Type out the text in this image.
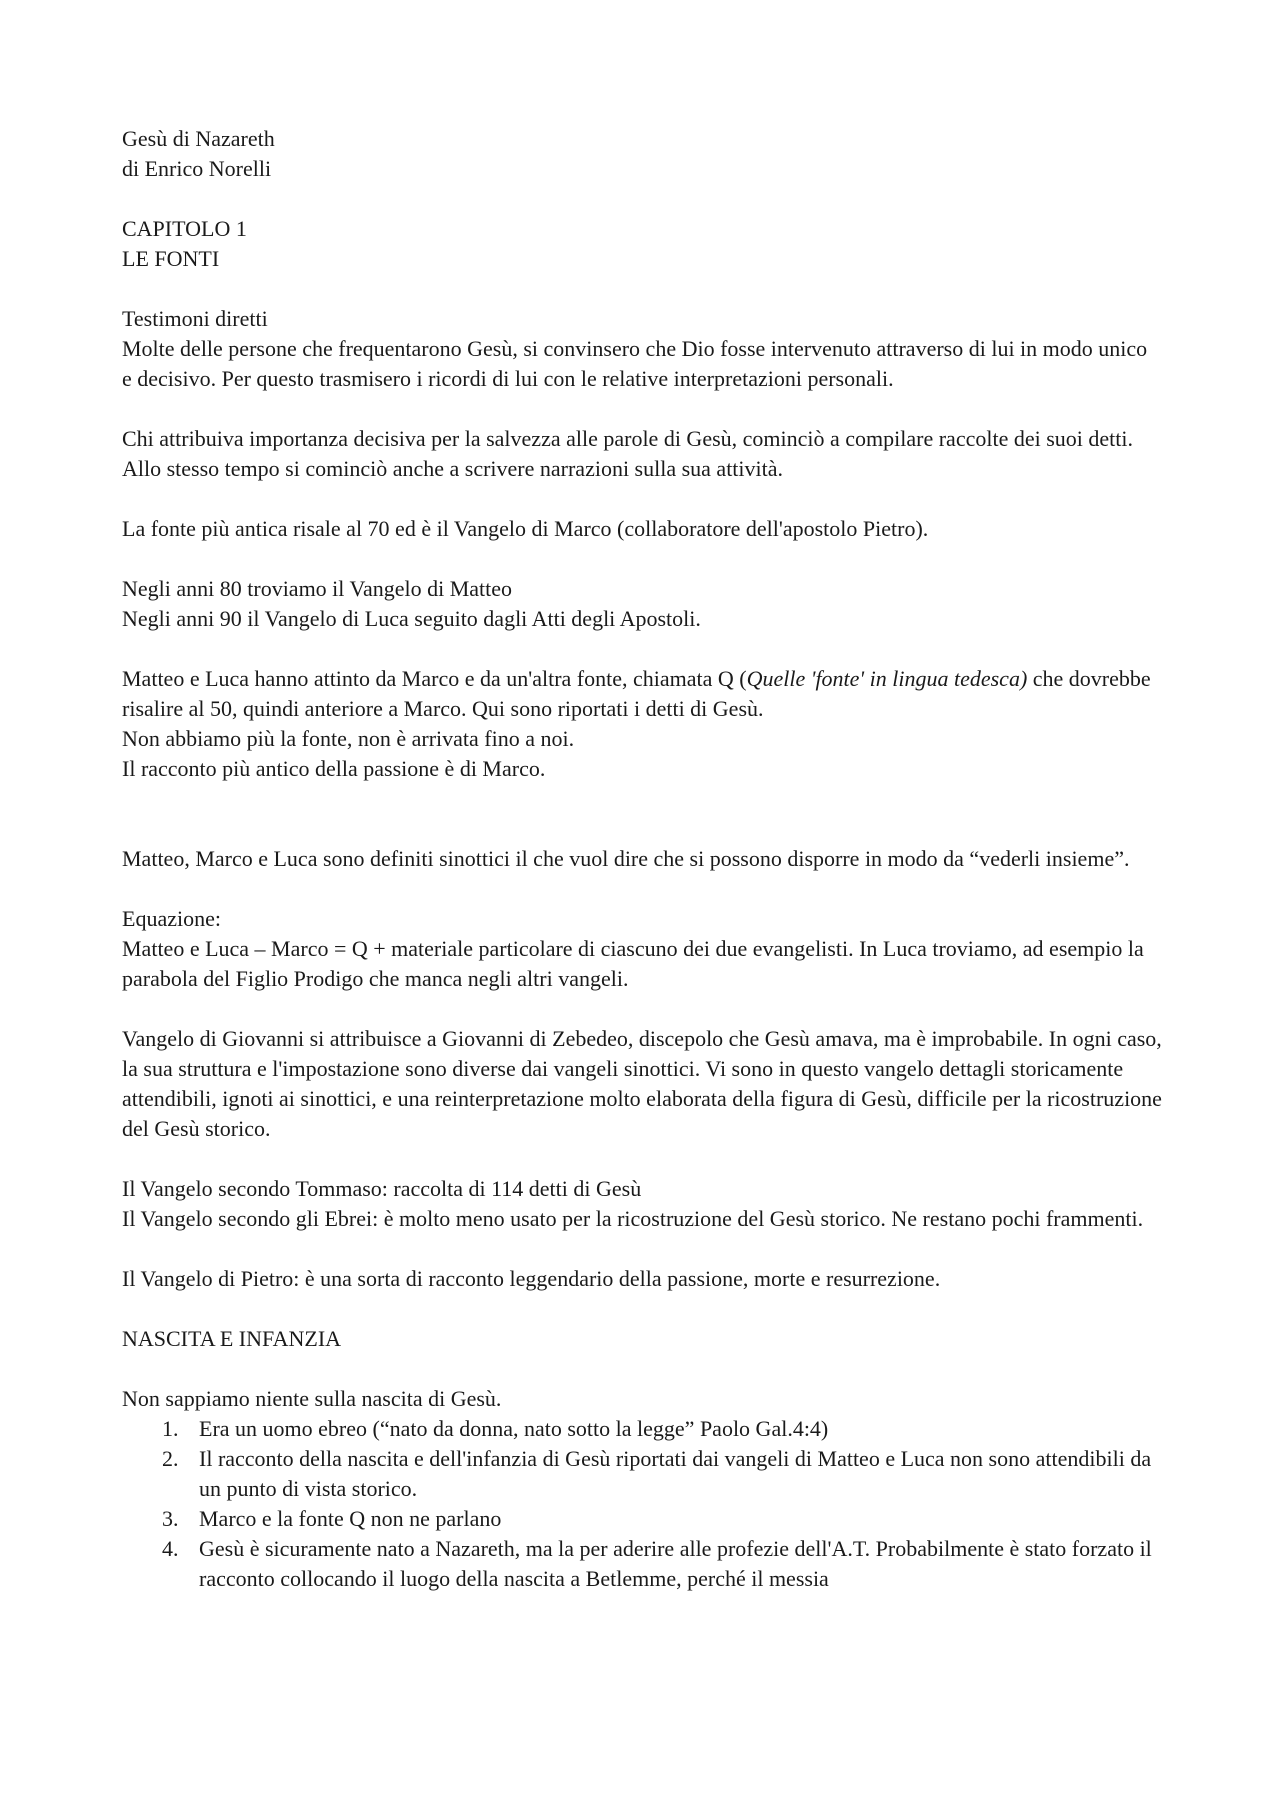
Gesù di Nazareth

di Enrico Norelli

CAPITOLO 1

LE FONTI

Testimoni diretti

Molte delle persone che frequentarono Gesù, si convinsero che Dio fosse intervenuto attraverso di lui in modo unico e decisivo. Per questo trasmisero i ricordi di lui con le relative interpretazioni personali.

Chi attribuiva importanza decisiva per la salvezza alle parole di Gesù, cominciò a compilare raccolte dei suoi detti. Allo stesso tempo si cominciò anche a scrivere narrazioni sulla sua attività.

La fonte più antica risale al 70 ed è il Vangelo di Marco (collaboratore dell'apostolo Pietro).

Negli anni 80 troviamo il Vangelo di Matteo

Negli anni 90 il Vangelo di Luca seguito dagli Atti degli Apostoli.

Matteo e Luca hanno attinto da Marco e da un'altra fonte, chiamata Q (Quelle 'fonte' in lingua tedesca) che dovrebbe risalire al 50, quindi anteriore a Marco. Qui sono riportati i detti di Gesù.

Non abbiamo più la fonte, non è arrivata fino a noi.

Il racconto più antico della passione è di Marco.

Matteo, Marco e Luca sono definiti sinottici il che vuol dire che si possono disporre in modo da “vederli insieme”.

Equazione:

Matteo e Luca – Marco = Q + materiale particolare di ciascuno dei due evangelisti. In Luca troviamo, ad esempio la parabola del Figlio Prodigo che manca negli altri vangeli.

Vangelo di Giovanni si attribuisce a Giovanni di Zebedeo, discepolo che Gesù amava, ma è improbabile. In ogni caso, la sua struttura e l'impostazione sono diverse dai vangeli sinottici. Vi sono in questo vangelo dettagli storicamente attendibili, ignoti ai sinottici, e una reinterpretazione molto elaborata della figura di Gesù, difficile per la ricostruzione del Gesù storico.

Il Vangelo secondo Tommaso: raccolta di 114 detti di Gesù

Il Vangelo secondo gli Ebrei: è molto meno usato per la ricostruzione del Gesù storico. Ne restano pochi frammenti.

Il Vangelo di Pietro: è una sorta di racconto leggendario della passione, morte e resurrezione.

NASCITA E INFANZIA

Non sappiamo niente sulla nascita di Gesù.

1. Era un uomo ebreo (“nato da donna, nato sotto la legge” Paolo Gal.4:4)
2. Il racconto della nascita e dell'infanzia di Gesù riportati dai vangeli di Matteo e Luca non sono attendibili da un punto di vista storico.
3. Marco e la fonte Q non ne parlano
4. Gesù è sicuramente nato a Nazareth, ma la per aderire alle profezie dell'A.T. Probabilmente è stato forzato il racconto collocando il luogo della nascita a Betlemme, perché il messia
